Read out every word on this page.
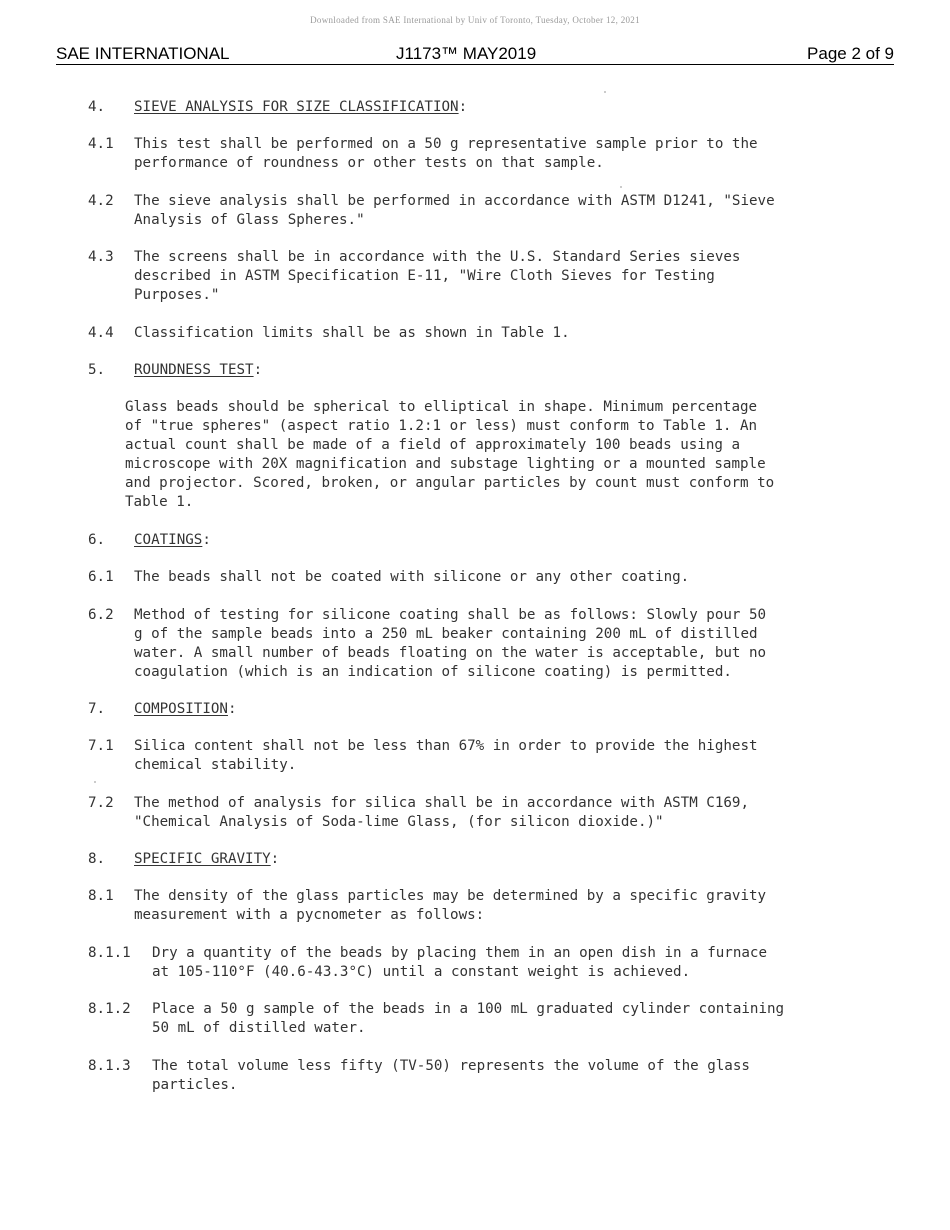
Downloaded from SAE International by Univ of Toronto, Tuesday, October 12, 2021
SAE INTERNATIONAL	J1173™ MAY2019	Page 2 of 9
4.	SIEVE ANALYSIS FOR SIZE CLASSIFICATION:
4.1	This test shall be performed on a 50 g representative sample prior to the
performance of roundness or other tests on that sample.
4.2	The sieve analysis shall be performed in accordance with ASTM D1241, "Sieve
Analysis of Glass Spheres."
4.3	The screens shall be in accordance with the U.S. Standard Series sieves
described in ASTM Specification E-11, "Wire Cloth Sieves for Testing
Purposes."
4.4	Classification limits shall be as shown in Table 1.
5.	ROUNDNESS TEST:
Glass beads should be spherical to elliptical in shape. Minimum percentage
of "true spheres" (aspect ratio 1.2:1 or less) must conform to Table 1. An
actual count shall be made of a field of approximately 100 beads using a
microscope with 20X magnification and substage lighting or a mounted sample
and projector. Scored, broken, or angular particles by count must conform to
Table 1.
6.	COATINGS:
6.1	The beads shall not be coated with silicone or any other coating.
6.2	Method of testing for silicone coating shall be as follows: Slowly pour 50
g of the sample beads into a 250 mL beaker containing 200 mL of distilled
water. A small number of beads floating on the water is acceptable, but no
coagulation (which is an indication of silicone coating) is permitted.
7.	COMPOSITION:
7.1	Silica content shall not be less than 67% in order to provide the highest
chemical stability.
7.2	The method of analysis for silica shall be in accordance with ASTM C169,
"Chemical Analysis of Soda-lime Glass, (for silicon dioxide.)"
8.	SPECIFIC GRAVITY:
8.1	The density of the glass particles may be determined by a specific gravity
measurement with a pycnometer as follows:
8.1.1	Dry a quantity of the beads by placing them in an open dish in a furnace
at 105-110°F (40.6-43.3°C) until a constant weight is achieved.
8.1.2	Place a 50 g sample of the beads in a 100 mL graduated cylinder containing
50 mL of distilled water.
8.1.3	The total volume less fifty (TV-50) represents the volume of the glass
particles.
